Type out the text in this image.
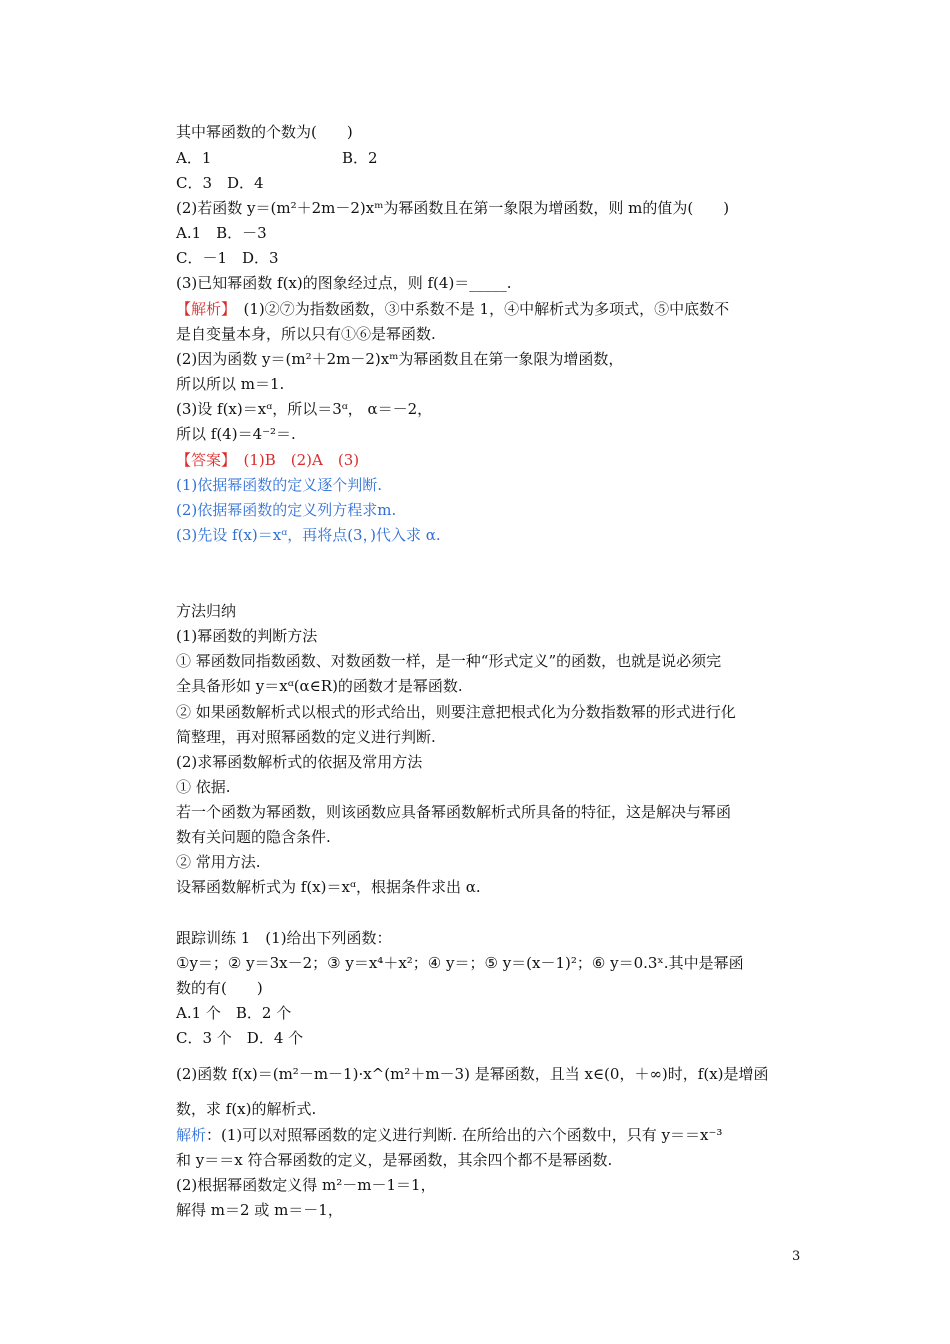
其中幂函数的个数为(　　)
A．1	B．2
C．3　D．4
(2)若函数 y＝(m²＋2m－2)xᵐ为幂函数且在第一象限为增函数，则 m的值为(　　)
A.1　B．－3
C．－1　D．3
(3)已知幂函数 f(x)的图象经过点，则 f(4)＝_____.
【解析】　(1)②⑦为指数函数，③中系数不是 1，④中解析式为多项式，⑤中底数不
是自变量本身，所以只有①⑥是幂函数.
(2)因为函数 y＝(m²＋2m－2)xᵐ为幂函数且在第一象限为增函数，
所以所以 m＝1.
(3)设 f(x)＝xᵅ，所以＝3ᵅ， α＝－2，
所以 f(4)＝4⁻²＝.
【答案】　(1)B　(2)A　(3)
(1)依据幂函数的定义逐个判断.
(2)依据幂函数的定义列方程求m.
(3)先设 f(x)＝xᵅ，再将点(3，)代入求 α.
方法归纳
(1)幂函数的判断方法
① 幂函数同指数函数、对数函数一样，是一种“形式定义”的函数，也就是说必须完
全具备形如 y＝xᵅ(α∈R)的函数才是幂函数.
② 如果函数解析式以根式的形式给出，则要注意把根式化为分数指数幂的形式进行化
简整理，再对照幂函数的定义进行判断.
(2)求幂函数解析式的依据及常用方法
① 依据.
若一个函数为幂函数，则该函数应具备幂函数解析式所具备的特征，这是解决与幂函
数有关问题的隐含条件.
② 常用方法.
设幂函数解析式为 f(x)＝xᵅ，根据条件求出 α.
跟踪训练 1　(1)给出下列函数：
①y＝；② y＝3x－2；③ y＝x⁴＋x²；④ y＝；⑤ y＝(x－1)²；⑥ y＝0.3ˣ.其中是幂函
数的有(　　)
A.1 个　B．2 个
C．3 个　D．4 个
(2)函数 f(x)＝(m²－m－1)·x^(m²＋m－3) 是幂函数，且当 x∈(0，＋∞)时，f(x)是增函
数，求 f(x)的解析式.
解析：(1)可以对照幂函数的定义进行判断. 在所给出的六个函数中，只有 y＝＝x⁻³
和 y＝＝x 符合幂函数的定义，是幂函数，其余四个都不是幂函数.
(2)根据幂函数定义得 m²－m－1＝1，
解得 m＝2 或 m＝－1，
3
